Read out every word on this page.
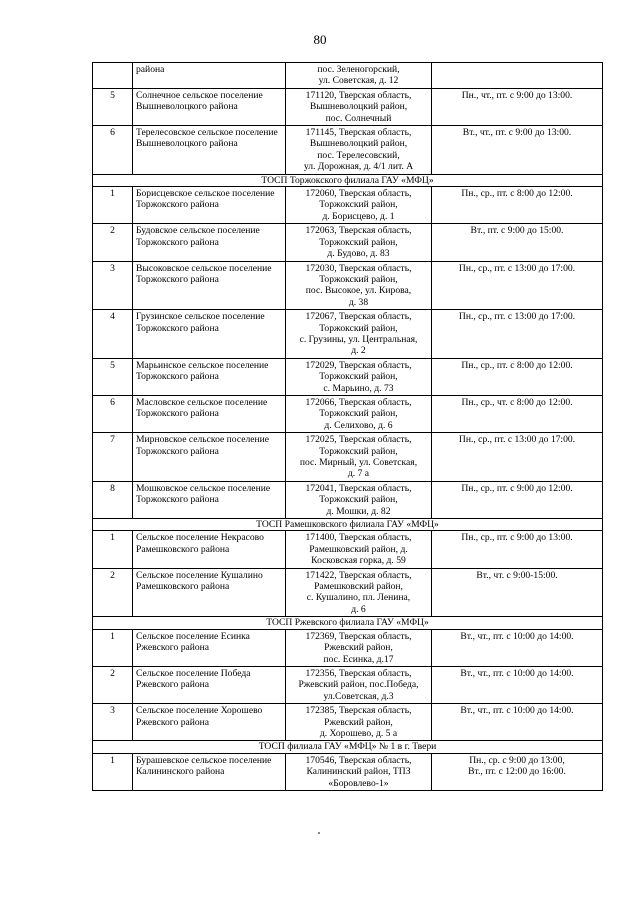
80
	района	пос. Зеленогорский,
ул. Советская, д. 12	
5	Солнечное сельское поселение Вышневолоцкого района	171120, Тверская область,
Вышневолоцкий район,
пос. Солнечный	Пн., чт., пт. с 9:00 до 13:00.
6	Терелесовское сельское поселение Вышневолоцкого района	171145, Тверская область,
Вышневолоцкий район,
пос. Терелесовский,
ул. Дорожная, д. 4/1 лит. А	Вт., чт., пт. с 9:00 до 13:00.
ТОСП Торжокского филиала ГАУ «МФЦ»			
1	Борисцевское сельское поселение Торжокского района	172060, Тверская область,
Торжокский район,
д. Борисцево, д. 1	Пн., ср., пт. с 8:00 до 12:00.
2	Будовское сельское поселение Торжокского района	172063, Тверская область,
Торжокский район,
д. Будово, д. 83	Вт., пт. с 9:00 до 15:00.
3	Высоковское сельское поселение Торжокского района	172030, Тверская область,
Торжокский район,
пос. Высокое, ул. Кирова,
д. 38	Пн., ср., пт. с 13:00 до 17:00.
4	Грузинское сельское поселение Торжокского района	172067, Тверская область,
Торжокский район,
с. Грузины, ул. Центральная,
д. 2	Пн., ср., пт. с 13:00 до 17:00.
5	Марьинское сельское поселение Торжокского района	172029, Тверская область,
Торжокский район,
с. Марьино, д. 73	Пн., ср., пт. с 8:00 до 12:00.
6	Масловское сельское поселение Торжокского района	172066, Тверская область,
Торжокский район,
д. Селихово, д. 6	Пн., ср., чт. с 8:00 до 12:00.
7	Мирновское сельское поселение Торжокского района	172025, Тверская область,
Торжокский район,
пос. Мирный, ул. Советская,
д. 7 а	Пн., ср., пт. с 13:00 до 17:00.
8	Мошковское сельское поселение Торжокского района	172041, Тверская область,
Торжокский район,
д. Мошки, д. 82	Пн., ср., пт. с 9:00 до 12:00.
ТОСП Рамешковского филиала ГАУ «МФЦ»			
1	Сельское поселение Некрасово Рамешковского района	171400, Тверская область,
Рамешковский район, д.
Косковская горка, д. 59	Пн., ср., пт. с 9:00 до 13:00.
2	Сельское поселение Кушалино Рамешковского района	171422, Тверская область,
Рамешковский район,
с. Кушалино, пл. Ленина,
д. 6	Вт., чт. с 9:00-15:00.
ТОСП Ржевского филиала ГАУ «МФЦ»			
1	Сельское поселение Есинка Ржевского района	172369, Тверская область,
Ржевский район,
пос. Есинка, д.17	Вт., чт., пт. с 10:00 до 14:00.
2	Сельское поселение Победа Ржевского района	172356, Тверская область,
Ржевский район, пос.Победа,
ул.Советская, д.3	Вт., чт., пт. с 10:00 до 14:00.
3	Сельское поселение Хорошево Ржевского района	172385, Тверская область,
Ржевский район,
д. Хорошево, д. 5 а	Вт., чт., пт. с 10:00 до 14:00.
ТОСП филиала ГАУ «МФЦ» № 1 в г. Твери			
1	Бурашевское сельское поселение Калининского района	170546, Тверская область,
Калининский район, ТПЗ
«Боровлево-1»	Пн., ср. с 9:00 до 13:00,
Вт., пт. с 12:00 до 16:00.
